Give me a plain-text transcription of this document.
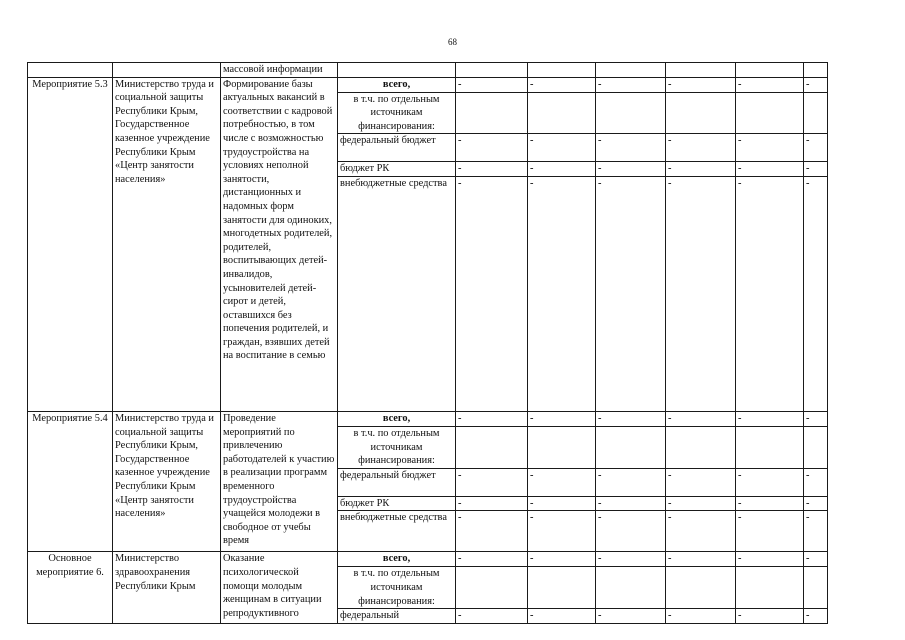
68
		массовой информации							
Мероприятие 5.3	Министерство труда и социальной защиты Республики Крым, Государственное казенное учреждение Республики Крым «Центр занятости населения»	Формирование базы актуальных вакансий в соответствии с кадровой потребностью, в том числе с возможностью трудоустройства на условиях неполной занятости, дистанционных и надомных форм занятости для одиноких, многодетных родителей, родителей, воспитывающих детей-инвалидов, усыновителей детей-сирот и детей, оставшихся без попечения родителей, и граждан, взявших детей на воспитание в семью	всего,	-	-	-	-	-	-
			в т.ч. по отдельным источникам финансирования:						
			федеральный бюджет	-	-	-	-	-	-
			бюджет РК	-	-	-	-	-	-
			внебюджетные средства	-	-	-	-	-	-
Мероприятие 5.4	Министерство труда и социальной защиты Республики Крым, Государственное казенное учреждение Республики Крым «Центр занятости населения»	Проведение мероприятий по привлечению работодателей к участию в реализации программ временного трудоустройства учащейся молодежи в свободное от учебы время	всего,	-	-	-	-	-	-
			в т.ч. по отдельным источникам финансирования:						
			федеральный бюджет	-	-	-	-	-	-
			бюджет РК	-	-	-	-	-	-
			внебюджетные средства	-	-	-	-	-	-
Основное мероприятие 6.	Министерство здравоохранения Республики Крым	Оказание психологической помощи молодым женщинам в ситуации репродуктивного	всего,	-	-	-	-	-	-
			в т.ч. по отдельным источникам финансирования:						
			федеральный	-	-	-	-	-	-
